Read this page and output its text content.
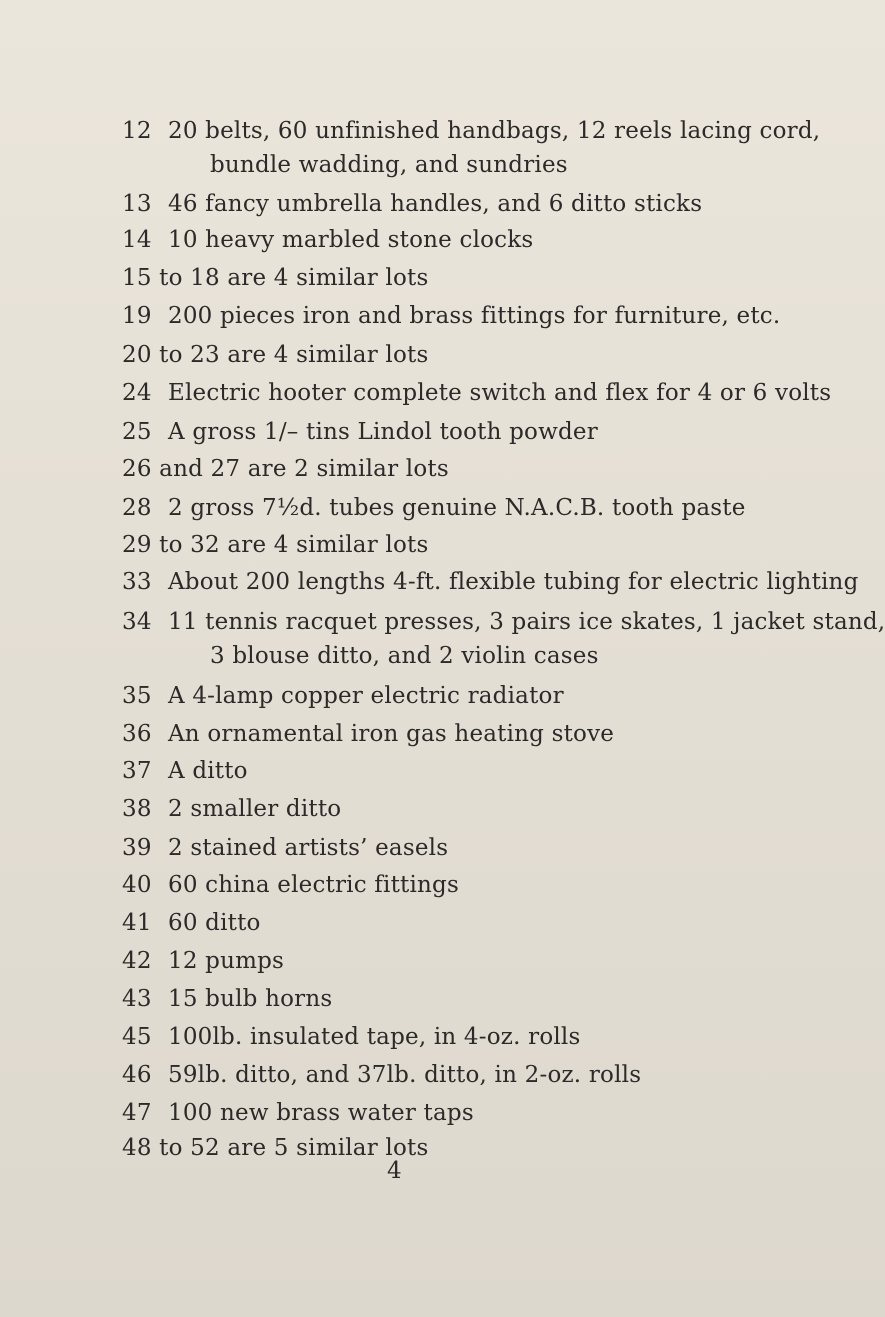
12 20 belts, 60 unfinished handbags, 12 reels lacing cord,
bundle wadding, and sundries
13 46 fancy umbrella handles, and 6 ditto sticks
14 10 heavy marbled stone clocks
15 to 18 are 4 similar lots
19 200 pieces iron and brass fittings for furniture, etc.
20 to 23 are 4 similar lots
24 Electric hooter complete switch and flex for 4 or 6 volts
25 A gross 1/– tins Lindol tooth powder
26 and 27 are 2 similar lots
28 2 gross 7½d. tubes genuine N.A.C.B. tooth paste
29 to 32 are 4 similar lots
33 About 200 lengths 4-ft. flexible tubing for electric lighting
34 11 tennis racquet presses, 3 pairs ice skates, 1 jacket stand,
3 blouse ditto, and 2 violin cases
35 A 4-lamp copper electric radiator
36 An ornamental iron gas heating stove
37 A ditto
38 2 smaller ditto
39 2 stained artists’ easels
40 60 china electric fittings
41 60 ditto
42 12 pumps
43 15 bulb horns
45 100lb. insulated tape, in 4-oz. rolls
46 59lb. ditto, and 37lb. ditto, in 2-oz. rolls
47 100 new brass water taps
48 to 52 are 5 similar lots
4
